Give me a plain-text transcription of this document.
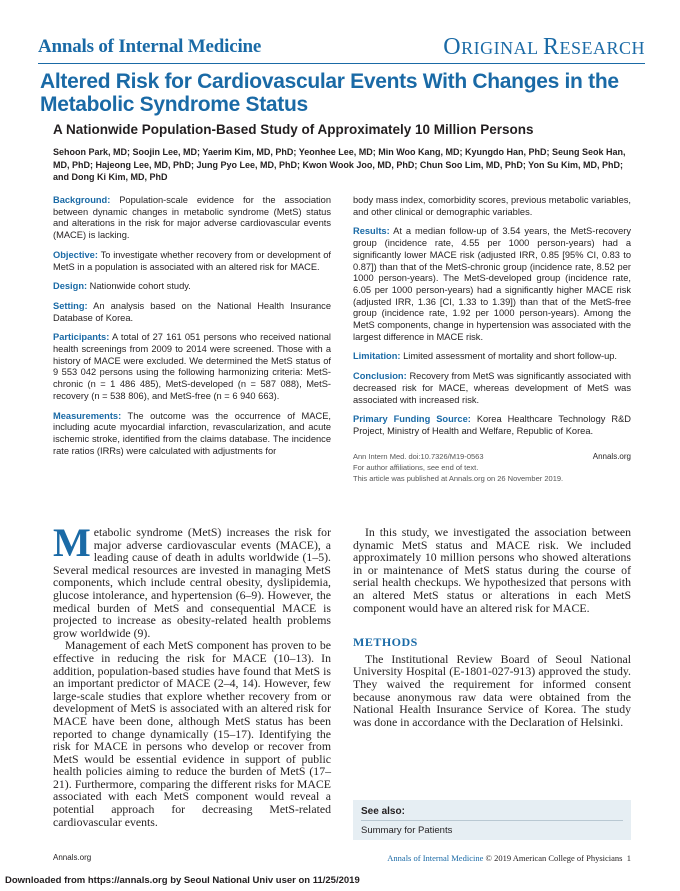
Annals of Internal Medicine	ORIGINAL RESEARCH
Altered Risk for Cardiovascular Events With Changes in the Metabolic Syndrome Status
A Nationwide Population-Based Study of Approximately 10 Million Persons
Sehoon Park, MD; Soojin Lee, MD; Yaerim Kim, MD, PhD; Yeonhee Lee, MD; Min Woo Kang, MD; Kyungdo Han, PhD; Seung Seok Han, MD, PhD; Hajeong Lee, MD, PhD; Jung Pyo Lee, MD, PhD; Kwon Wook Joo, MD, PhD; Chun Soo Lim, MD, PhD; Yon Su Kim, MD, PhD; and Dong Ki Kim, MD, PhD

Background: Population-scale evidence for the association between dynamic changes in metabolic syndrome (MetS) status and alterations in the risk for major adverse cardiovascular events (MACE) is lacking.

Objective: To investigate whether recovery from or development of MetS in a population is associated with an altered risk for MACE.

Design: Nationwide cohort study.

Setting: An analysis based on the National Health Insurance Database of Korea.

Participants: A total of 27 161 051 persons who received national health screenings from 2009 to 2014 were screened. Those with a history of MACE were excluded. We determined the MetS status of 9 553 042 persons using the following harmonizing criteria: MetS-chronic (n = 1 486 485), MetS-developed (n = 587 088), MetS-recovery (n = 538 806), and MetS-free (n = 6 940 663).

Measurements: The outcome was the occurrence of MACE, including acute myocardial infarction, revascularization, and acute ischemic stroke, identified from the claims database. The incidence rate ratios (IRRs) were calculated with adjustments for

body mass index, comorbidity scores, previous metabolic variables, and other clinical or demographic variables.

Results: At a median follow-up of 3.54 years, the MetS-recovery group (incidence rate, 4.55 per 1000 person-years) had a significantly lower MACE risk (adjusted IRR, 0.85 [95% CI, 0.83 to 0.87]) than that of the MetS-chronic group (incidence rate, 8.52 per 1000 person-years). The MetS-developed group (incidence rate, 6.05 per 1000 person-years) had a significantly higher MACE risk (adjusted IRR, 1.36 [CI, 1.33 to 1.39]) than that of the MetS-free group (incidence rate, 1.92 per 1000 person-years). Among the MetS components, change in hypertension was associated with the largest difference in MACE risk.

Limitation: Limited assessment of mortality and short follow-up.

Conclusion: Recovery from MetS was significantly associated with decreased risk for MACE, whereas development of MetS was associated with increased risk.

Primary Funding Source: Korea Healthcare Technology R&D Project, Ministry of Health and Welfare, Republic of Korea.

Ann Intern Med. doi:10.7326/M19-0563	Annals.org
For author affiliations, see end of text.
This article was published at Annals.org on 26 November 2019.

Metabolic syndrome (MetS) increases the risk for major adverse cardiovascular events (MACE), a leading cause of death in adults worldwide (1–5). Several medical resources are invested in managing MetS components, which include central obesity, dyslipidemia, glucose intolerance, and hypertension (6–9). However, the medical burden of MetS and consequential MACE is projected to increase as obesity-related health problems grow worldwide (9).

Management of each MetS component has proven to be effective in reducing the risk for MACE (10–13). In addition, population-based studies have found that MetS is an important predictor of MACE (2–4, 14). However, few large-scale studies that explore whether recovery from or development of MetS is associated with an altered risk for MACE have been done, although MetS status has been reported to change dynamically (15–17). Identifying the risk for MACE in persons who develop or recover from MetS would be essential evidence in support of public health policies aiming to reduce the burden of MetS (17–21). Furthermore, comparing the different risks for MACE associated with each MetS component would reveal a potential approach for decreasing MetS-related cardiovascular events.

In this study, we investigated the association between dynamic MetS status and MACE risk. We included approximately 10 million persons who showed alterations in or maintenance of MetS status during the course of serial health checkups. We hypothesized that persons with an altered MetS status or alterations in each MetS component would have an altered risk for MACE.

METHODS

The Institutional Review Board of Seoul National University Hospital (E-1801-027-913) approved the study. They waived the requirement for informed consent because anonymous raw data were obtained from the National Health Insurance Service of Korea. The study was done in accordance with the Declaration of Helsinki.

See also:
Summary for Patients
Annals.org	Annals of Internal Medicine © 2019 American College of Physicians 1
Downloaded from https://annals.org by Seoul National Univ user on 11/25/2019
